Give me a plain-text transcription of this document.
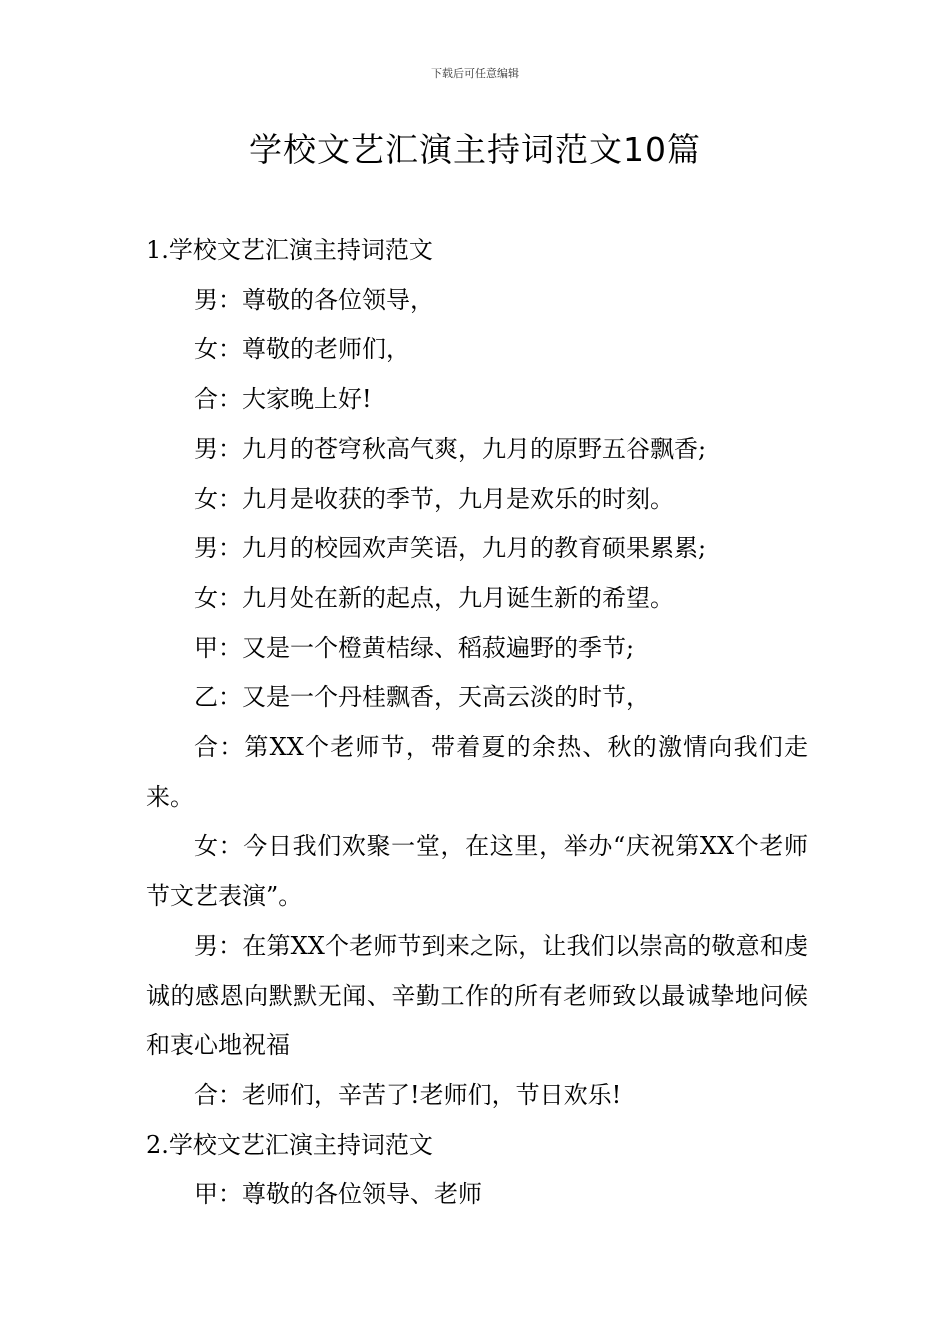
下载后可任意编辑
学校文艺汇演主持词范文10篇

1.学校文艺汇演主持词范文

男：尊敬的各位领导，

女：尊敬的老师们，

合：大家晚上好!

男：九月的苍穹秋高气爽，九月的原野五谷飘香;

女：九月是收获的季节，九月是欢乐的时刻。

男：九月的校园欢声笑语，九月的教育硕果累累;

女：九月处在新的起点，九月诞生新的希望。

甲：又是一个橙黄桔绿、稻菽遍野的季节;

乙：又是一个丹桂飘香，天高云淡的时节，

合：第XX个老师节，带着夏的余热、秋的激情向我们走来。

女：今日我们欢聚一堂，在这里，举办“庆祝第XX个老师节文艺表演”。

男：在第XX个老师节到来之际，让我们以崇高的敬意和虔诚的感恩向默默无闻、辛勤工作的所有老师致以最诚挚地问候和衷心地祝福

合：老师们，辛苦了!老师们，节日欢乐!

2.学校文艺汇演主持词范文

甲：尊敬的各位领导、老师
